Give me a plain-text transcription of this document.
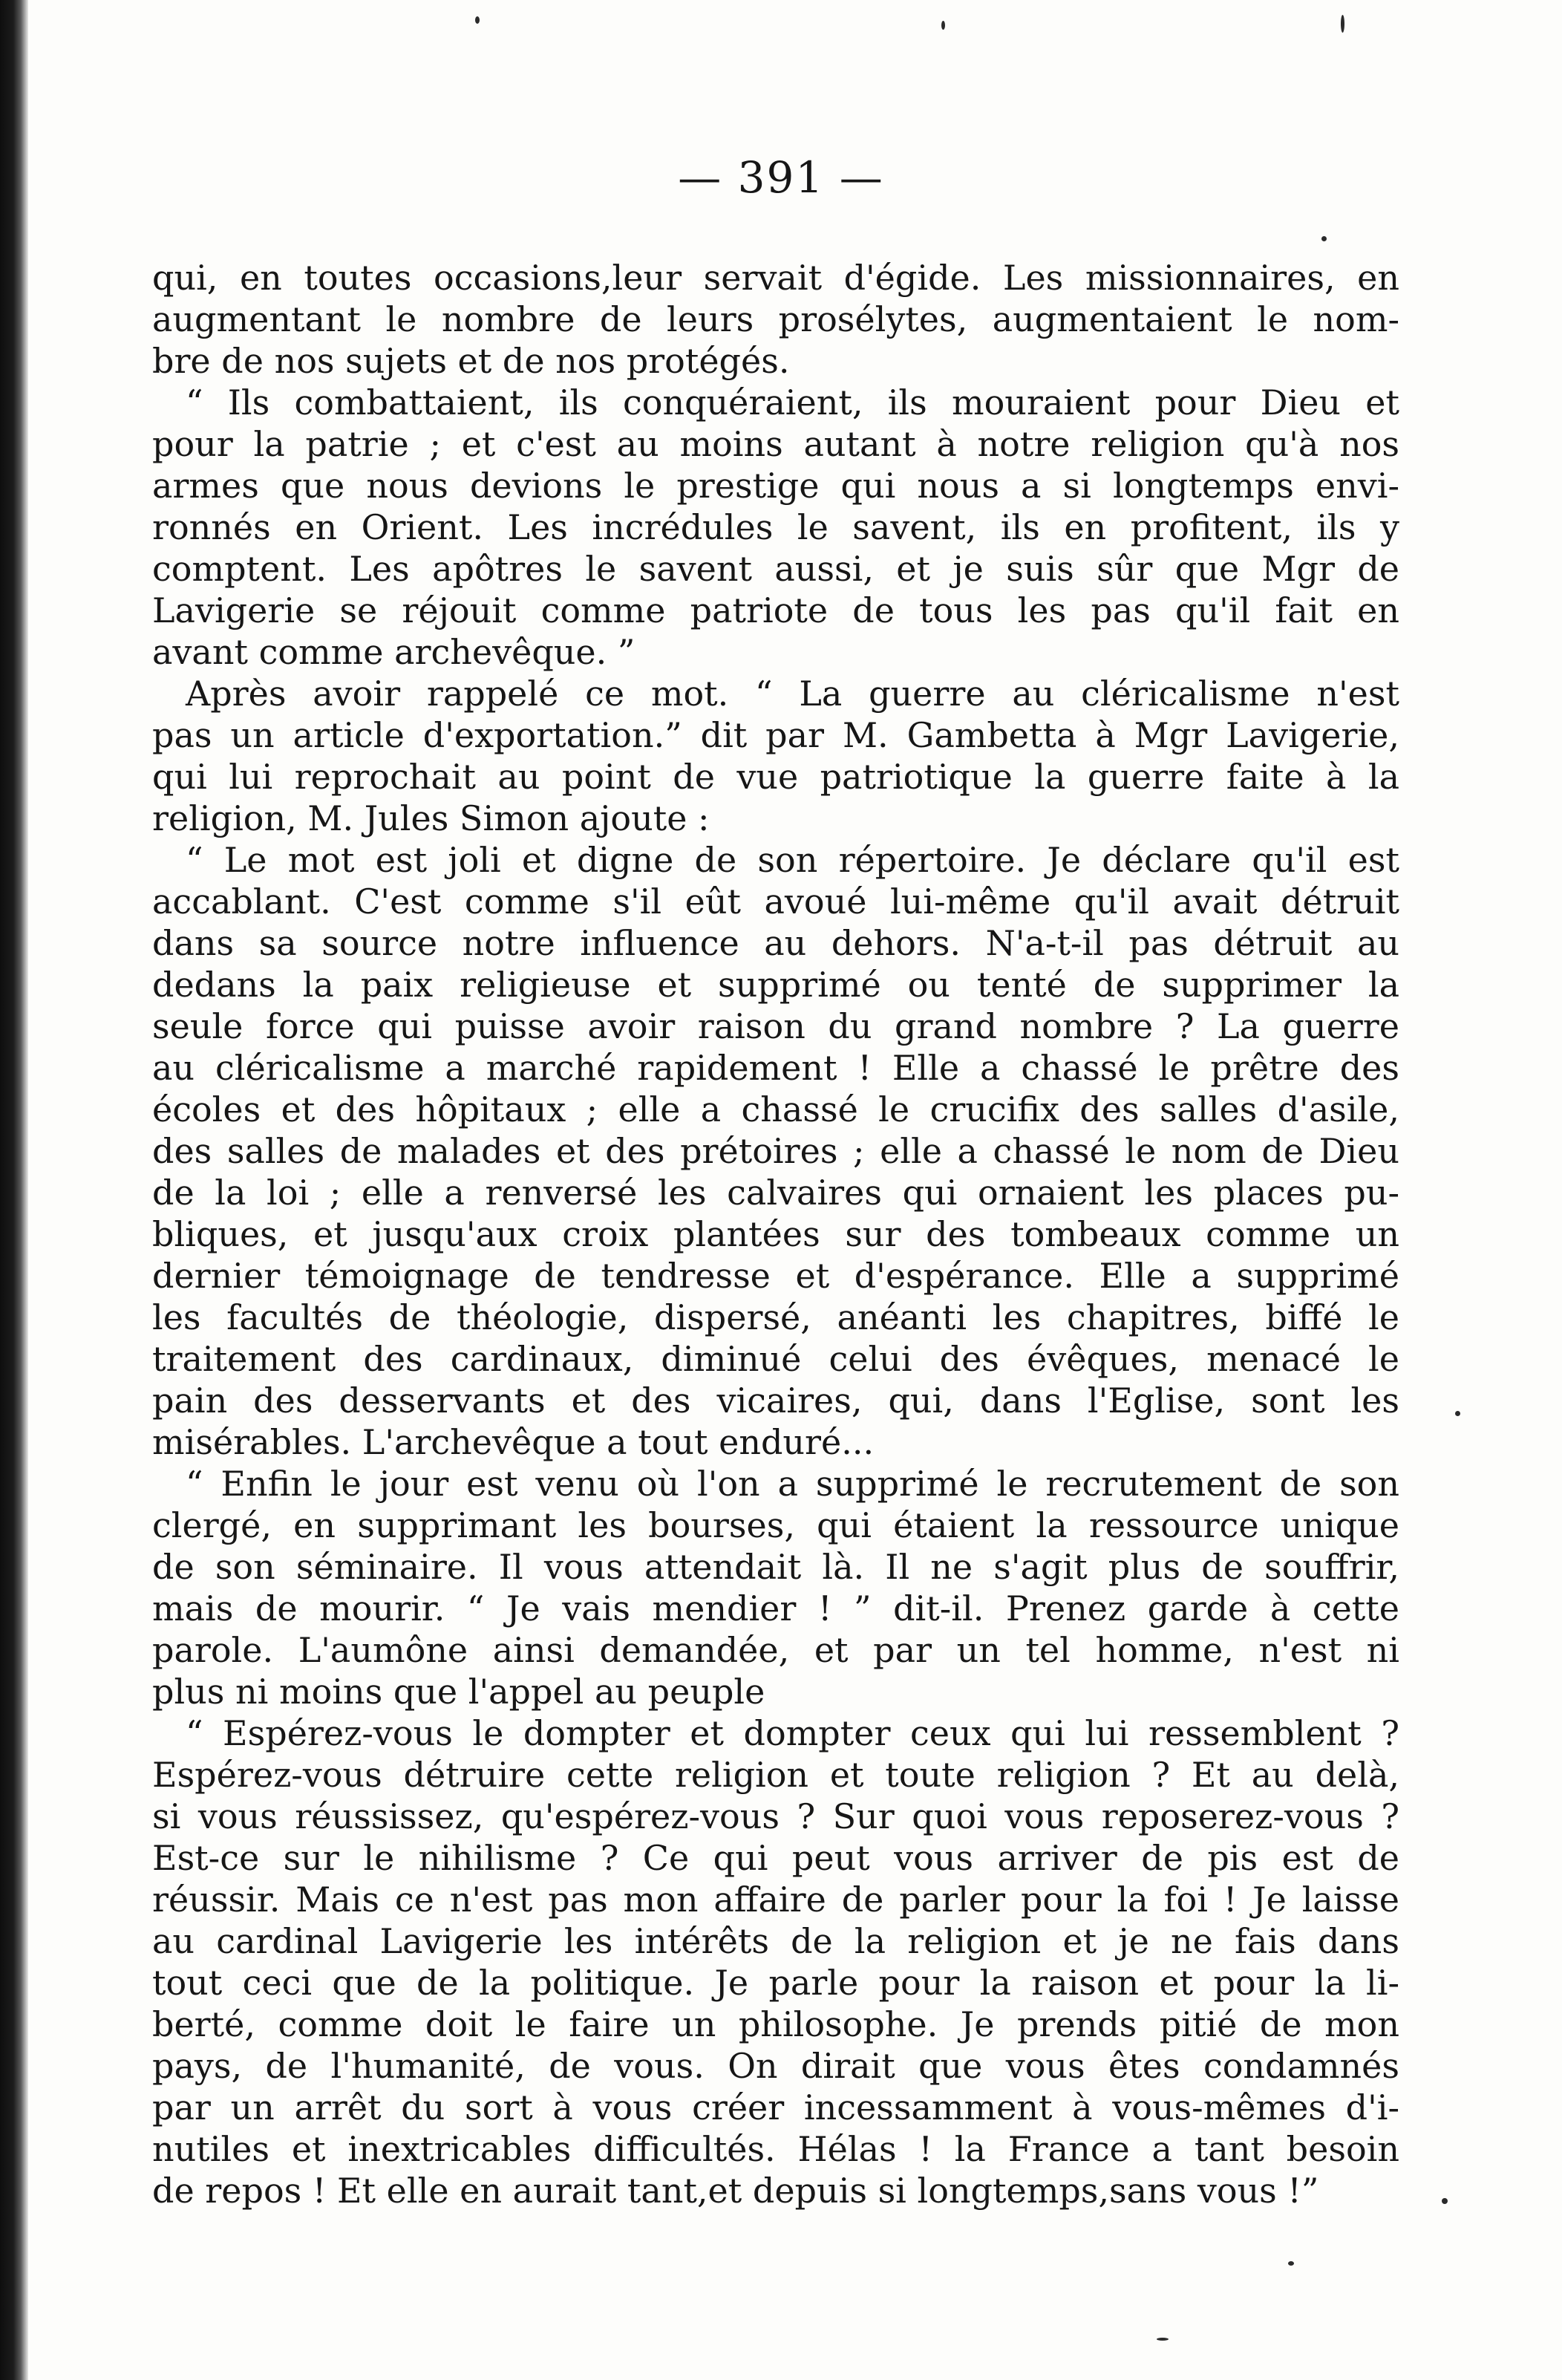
— 391 —
qui, en toutes occasions,leur servait d'égide. Les missionnaires, en
augmentant le nombre de leurs prosélytes, augmentaient le nom-
bre de nos sujets et de nos protégés.
“ Ils combattaient, ils conquéraient, ils mouraient pour Dieu et
pour la patrie ; et c'est au moins autant à notre religion qu'à nos
armes que nous devions le prestige qui nous a si longtemps envi-
ronnés en Orient. Les incrédules le savent, ils en profitent, ils y
comptent. Les apôtres le savent aussi, et je suis sûr que Mgr de
Lavigerie se réjouit comme patriote de tous les pas qu'il fait en
avant comme archevêque. ”
Après avoir rappelé ce mot. “ La guerre au cléricalisme n'est
pas un article d'exportation.” dit par M. Gambetta à Mgr Lavigerie,
qui lui reprochait au point de vue patriotique la guerre faite à la
religion, M. Jules Simon ajoute :
“ Le mot est joli et digne de son répertoire. Je déclare qu'il est
accablant. C'est comme s'il eût avoué lui-même qu'il avait détruit
dans sa source notre influence au dehors. N'a-t-il pas détruit au
dedans la paix religieuse et supprimé ou tenté de supprimer la
seule force qui puisse avoir raison du grand nombre ? La guerre
au cléricalisme a marché rapidement ! Elle a chassé le prêtre des
écoles et des hôpitaux ; elle a chassé le crucifix des salles d'asile,
des salles de malades et des prétoires ; elle a chassé le nom de Dieu
de la loi ; elle a renversé les calvaires qui ornaient les places pu-
bliques, et jusqu'aux croix plantées sur des tombeaux comme un
dernier témoignage de tendresse et d'espérance. Elle a supprimé
les facultés de théologie, dispersé, anéanti les chapitres, biffé le
traitement des cardinaux, diminué celui des évêques, menacé le
pain des desservants et des vicaires, qui, dans l'Eglise, sont les
misérables. L'archevêque a tout enduré...
“ Enfin le jour est venu où l'on a supprimé le recrutement de son
clergé, en supprimant les bourses, qui étaient la ressource unique
de son séminaire. Il vous attendait là. Il ne s'agit plus de souffrir,
mais de mourir. “ Je vais mendier ! ” dit-il. Prenez garde à cette
parole. L'aumône ainsi demandée, et par un tel homme, n'est ni
plus ni moins que l'appel au peuple
“ Espérez-vous le dompter et dompter ceux qui lui ressemblent ?
Espérez-vous détruire cette religion et toute religion ? Et au delà,
si vous réussissez, qu'espérez-vous ? Sur quoi vous reposerez-vous ?
Est-ce sur le nihilisme ? Ce qui peut vous arriver de pis est de
réussir. Mais ce n'est pas mon affaire de parler pour la foi ! Je laisse
au cardinal Lavigerie les intérêts de la religion et je ne fais dans
tout ceci que de la politique. Je parle pour la raison et pour la li-
berté, comme doit le faire un philosophe. Je prends pitié de mon
pays, de l'humanité, de vous. On dirait que vous êtes condamnés
par un arrêt du sort à vous créer incessamment à vous-mêmes d'i-
nutiles et inextricables difficultés. Hélas ! la France a tant besoin
de repos ! Et elle en aurait tant,et depuis si longtemps,sans vous !”
